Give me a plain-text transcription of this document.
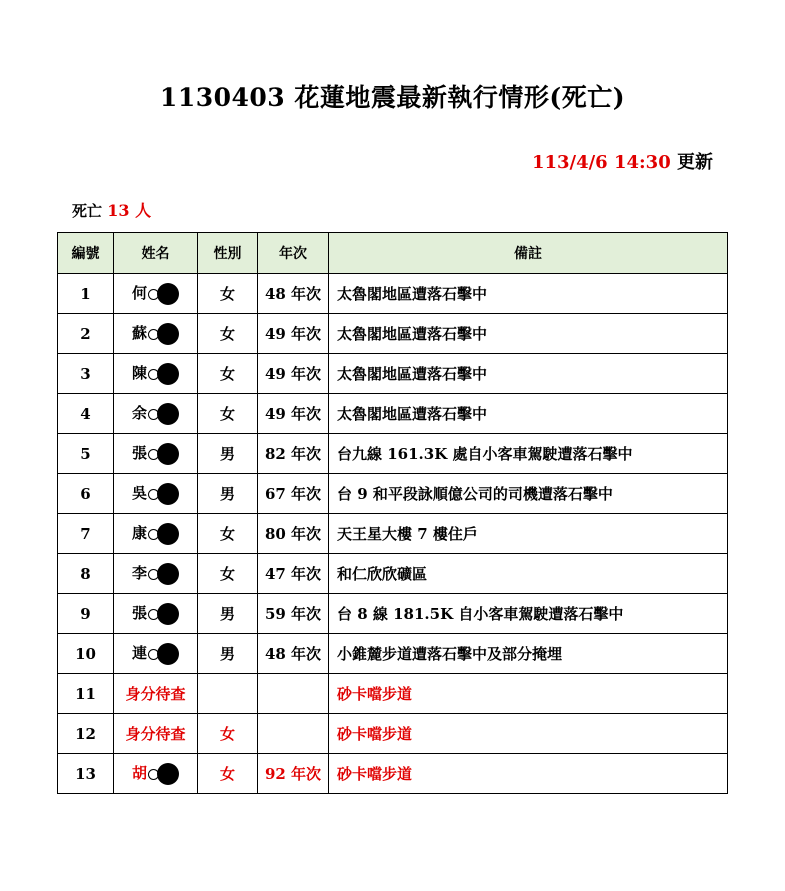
1130403 花蓮地震最新執行情形(死亡)
113/4/6 14:30 更新
死亡 13 人
編號	姓名	性別	年次	備註
1	何	女	48 年次	太魯閣地區遭落石擊中
2	蘇	女	49 年次	太魯閣地區遭落石擊中
3	陳	女	49 年次	太魯閣地區遭落石擊中
4	余	女	49 年次	太魯閣地區遭落石擊中
5	張	男	82 年次	台九線 161.3K 處自小客車駕駛遭落石擊中
6	吳	男	67 年次	台 9 和平段詠順億公司的司機遭落石擊中
7	康	女	80 年次	天王星大樓 7 樓住戶
8	李	女	47 年次	和仁欣欣礦區
9	張	男	59 年次	台 8 線 181.5K 自小客車駕駛遭落石擊中
10	連	男	48 年次	小錐麓步道遭落石擊中及部分掩埋
11	身分待查			砂卡噹步道
12	身分待查	女		砂卡噹步道
13	胡	女	92 年次	砂卡噹步道
